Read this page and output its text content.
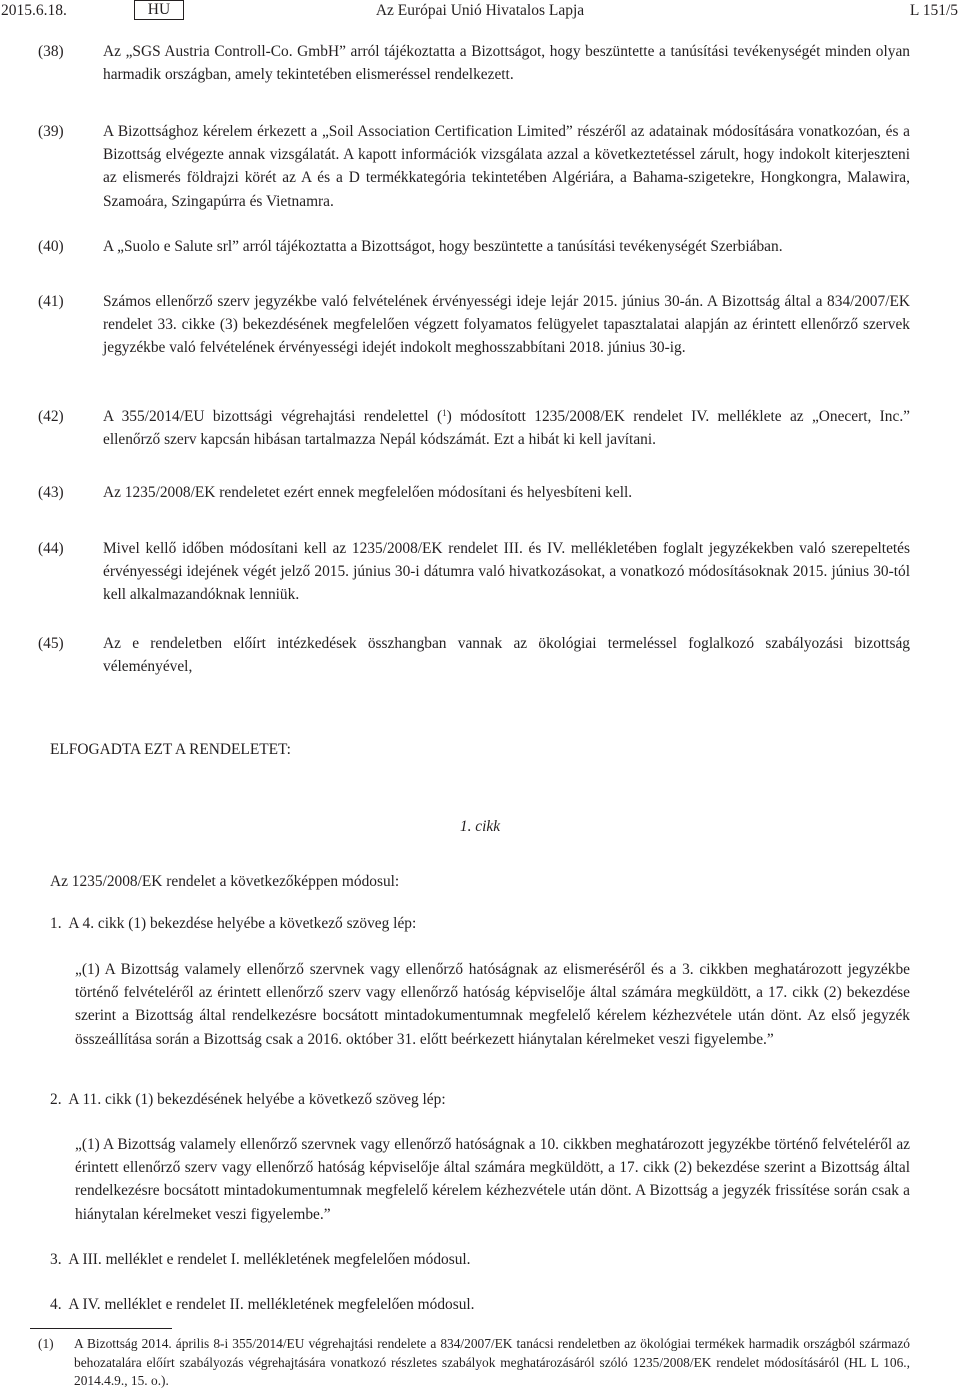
2015.6.18.	HU	Az Európai Unió Hivatalos Lapja	L 151/5
(38)	Az „SGS Austria Controll-Co. GmbH” arról tájékoztatta a Bizottságot, hogy beszüntette a tanúsítási tevékenységét minden olyan harmadik országban, amely tekintetében elismeréssel rendelkezett.
(39)	A Bizottsághoz kérelem érkezett a „Soil Association Certification Limited” részéről az adatainak módosítására vonatkozóan, és a Bizottság elvégezte annak vizsgálatát. A kapott információk vizsgálata azzal a következtetéssel zárult, hogy indokolt kiterjeszteni az elismerés földrajzi körét az A és a D termékkategória tekintetében Algériára, a Bahama-szigetekre, Hongkongra, Malawira, Szamoára, Szingapúrra és Vietnamra.
(40)	A „Suolo e Salute srl” arról tájékoztatta a Bizottságot, hogy beszüntette a tanúsítási tevékenységét Szerbiában.
(41)	Számos ellenőrző szerv jegyzékbe való felvételének érvényességi ideje lejár 2015. június 30-án. A Bizottság által a 834/2007/EK rendelet 33. cikke (3) bekezdésének megfelelően végzett folyamatos felügyelet tapasztalatai alapján az érintett ellenőrző szervek jegyzékbe való felvételének érvényességi idejét indokolt meghosszabbítani 2018. június 30-ig.
(42)	A 355/2014/EU bizottsági végrehajtási rendelettel ($^1$) módosított 1235/2008/EK rendelet IV. melléklete az „Onecert, Inc.” ellenőrző szerv kapcsán hibásan tartalmazza Nepál kódszámát. Ezt a hibát ki kell javítani.
(43)	Az 1235/2008/EK rendeletet ezért ennek megfelelően módosítani és helyesbíteni kell.
(44)	Mivel kellő időben módosítani kell az 1235/2008/EK rendelet III. és IV. mellékletében foglalt jegyzékekben való szerepeltetés érvényességi idejének végét jelző 2015. június 30-i dátumra való hivatkozásokat, a vonatkozó módosításoknak 2015. június 30-tól kell alkalmazandóknak lenniük.
(45)	Az e rendeletben előírt intézkedések összhangban vannak az ökológiai termeléssel foglalkozó szabályozási bizottság véleményével,
ELFOGADTA EZT A RENDELETET:
1. cikk
Az 1235/2008/EK rendelet a következőképpen módosul:
1.  A 4. cikk (1) bekezdése helyébe a következő szöveg lép:
„(1) A Bizottság valamely ellenőrző szervnek vagy ellenőrző hatóságnak az elismeréséről és a 3. cikkben meghatározott jegyzékbe történő felvételéről az érintett ellenőrző szerv vagy ellenőrző hatóság képviselője által számára megküldött, a 17. cikk (2) bekezdése szerint a Bizottság által rendelkezésre bocsátott mintadokumentumnak megfelelő kérelem kézhezvétele után dönt. Az első jegyzék összeállítása során a Bizottság csak a 2016. október 31. előtt beérkezett hiánytalan kérelmeket veszi figyelembe.”
2.  A 11. cikk (1) bekezdésének helyébe a következő szöveg lép:
„(1) A Bizottság valamely ellenőrző szervnek vagy ellenőrző hatóságnak a 10. cikkben meghatározott jegyzékbe történő felvételéről az érintett ellenőrző szerv vagy ellenőrző hatóság képviselője által számára megküldött, a 17. cikk (2) bekezdése szerint a Bizottság által rendelkezésre bocsátott mintadokumentumnak megfelelő kérelem kézhezvétele után dönt. A Bizottság a jegyzék frissítése során csak a hiánytalan kérelmeket veszi figyelembe.”
3.  A III. melléklet e rendelet I. mellékletének megfelelően módosul.
4.  A IV. melléklet e rendelet II. mellékletének megfelelően módosul.
(1) A Bizottság 2014. április 8-i 355/2014/EU végrehajtási rendelete a 834/2007/EK tanácsi rendeletben az ökológiai termékek harmadik országból származó behozatalára előírt szabályozás végrehajtására vonatkozó részletes szabályok meghatározásáról szóló 1235/2008/EK rendelet módosításáról (HL L 106., 2014.4.9., 15. o.).
